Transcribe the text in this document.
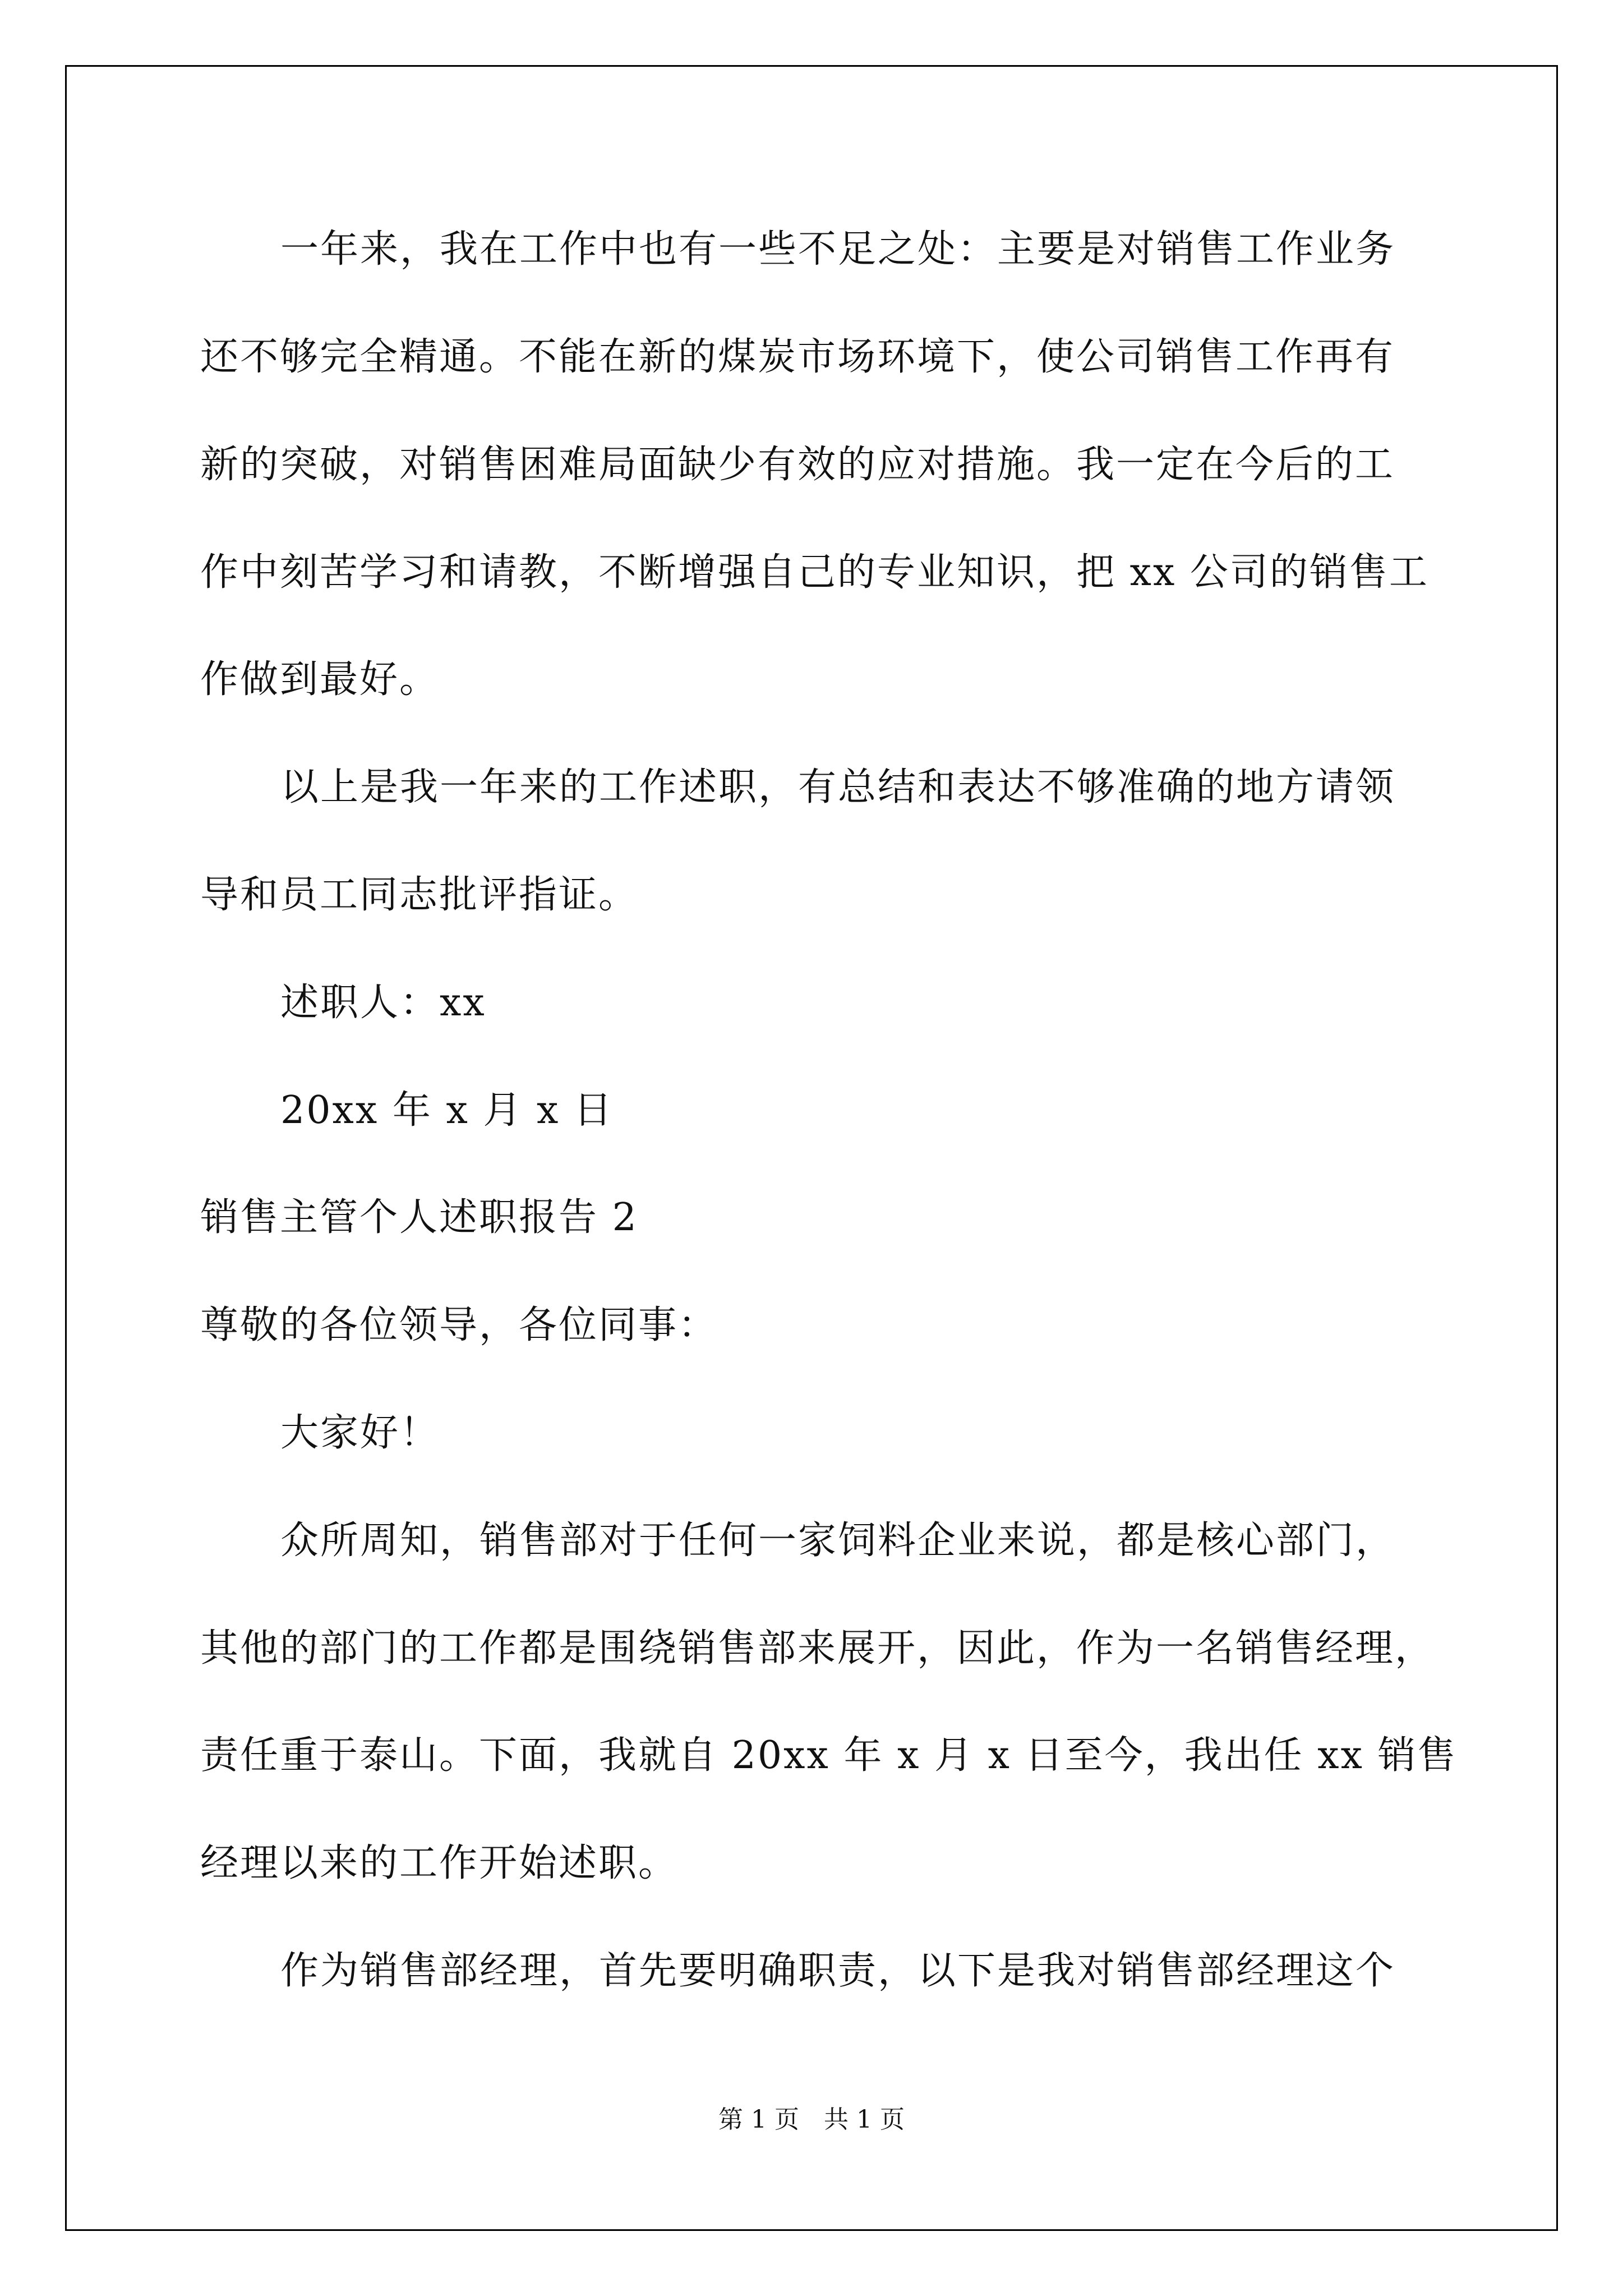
一年来，我在工作中也有一些不足之处：主要是对销售工作业务
还不够完全精通。不能在新的煤炭市场环境下，使公司销售工作再有
新的突破，对销售困难局面缺少有效的应对措施。我一定在今后的工
作中刻苦学习和请教，不断增强自己的专业知识，把 xx 公司的销售工
作做到最好。
以上是我一年来的工作述职，有总结和表达不够准确的地方请领
导和员工同志批评指证。
述职人：xx
20xx 年 x 月 x 日
销售主管个人述职报告 2
尊敬的各位领导，各位同事：
大家好！
众所周知，销售部对于任何一家饲料企业来说，都是核心部门，
其他的部门的工作都是围绕销售部来展开，因此，作为一名销售经理，
责任重于泰山。下面，我就自 20xx 年 x 月 x 日至今，我出任 xx 销售
经理以来的工作开始述职。
作为销售部经理，首先要明确职责，以下是我对销售部经理这个
第 1 页　共 1 页
